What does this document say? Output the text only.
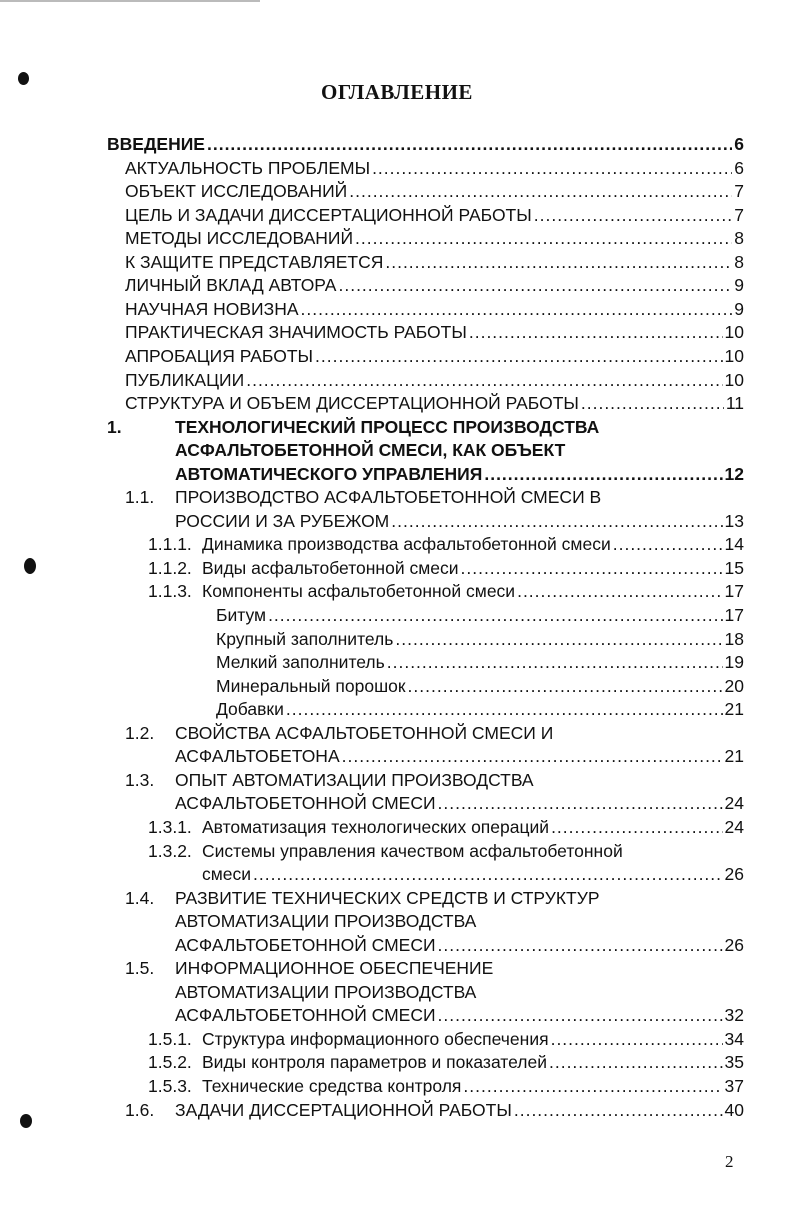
ОГЛАВЛЕНИЕ
ВВЕДЕНИЕ .....	6
АКТУАЛЬНОСТЬ ПРОБЛЕМЫ .....	6
ОБЪЕКТ ИССЛЕДОВАНИЙ .....	7
ЦЕЛЬ И ЗАДАЧИ ДИССЕРТАЦИОННОЙ РАБОТЫ .....	7
МЕТОДЫ ИССЛЕДОВАНИЙ .....	8
К ЗАЩИТЕ ПРЕДСТАВЛЯЕТСЯ .....	8
ЛИЧНЫЙ ВКЛАД АВТОРА .....	9
НАУЧНАЯ НОВИЗНА .....	9
ПРАКТИЧЕСКАЯ ЗНАЧИМОСТЬ РАБОТЫ .....	10
АПРОБАЦИЯ РАБОТЫ .....	10
ПУБЛИКАЦИИ .....	10
СТРУКТУРА И ОБЪЕМ ДИССЕРТАЦИОННОЙ РАБОТЫ .....	11
1.	ТЕХНОЛОГИЧЕСКИЙ ПРОЦЕСС ПРОИЗВОДСТВА
АСФАЛЬТОБЕТОННОЙ СМЕСИ, КАК ОБЪЕКТ
АВТОМАТИЧЕСКОГО УПРАВЛЕНИЯ .....	12
1.1. ПРОИЗВОДСТВО АСФАЛЬТОБЕТОННОЙ СМЕСИ В
РОССИИ И ЗА РУБЕЖОМ .....	13
1.1.1. Динамика производства асфальтобетонной смеси .....	14
1.1.2. Виды асфальтобетонной смеси .....	15
1.1.3. Компоненты асфальтобетонной смеси .....	17
Битум .....	17
Крупный заполнитель .....	18
Мелкий заполнитель .....	19
Минеральный порошок .....	20
Добавки .....	21
1.2. СВОЙСТВА АСФАЛЬТОБЕТОННОЙ СМЕСИ И
АСФАЛЬТОБЕТОНА .....	21
1.3. ОПЫТ АВТОМАТИЗАЦИИ ПРОИЗВОДСТВА
АСФАЛЬТОБЕТОННОЙ СМЕСИ .....	24
1.3.1. Автоматизация технологических операций .....	24
1.3.2. Системы управления качеством асфальтобетонной
смеси .....	26
1.4. РАЗВИТИЕ ТЕХНИЧЕСКИХ СРЕДСТВ И СТРУКТУР
АВТОМАТИЗАЦИИ ПРОИЗВОДСТВА
АСФАЛЬТОБЕТОННОЙ СМЕСИ .....	26
1.5. ИНФОРМАЦИОННОЕ ОБЕСПЕЧЕНИЕ
АВТОМАТИЗАЦИИ ПРОИЗВОДСТВА
АСФАЛЬТОБЕТОННОЙ СМЕСИ .....	32
1.5.1. Структура информационного обеспечения .....	34
1.5.2. Виды контроля параметров и показателей .....	35
1.5.3. Технические средства контроля .....	37
1.6. ЗАДАЧИ ДИССЕРТАЦИОННОЙ РАБОТЫ .....	40
2
